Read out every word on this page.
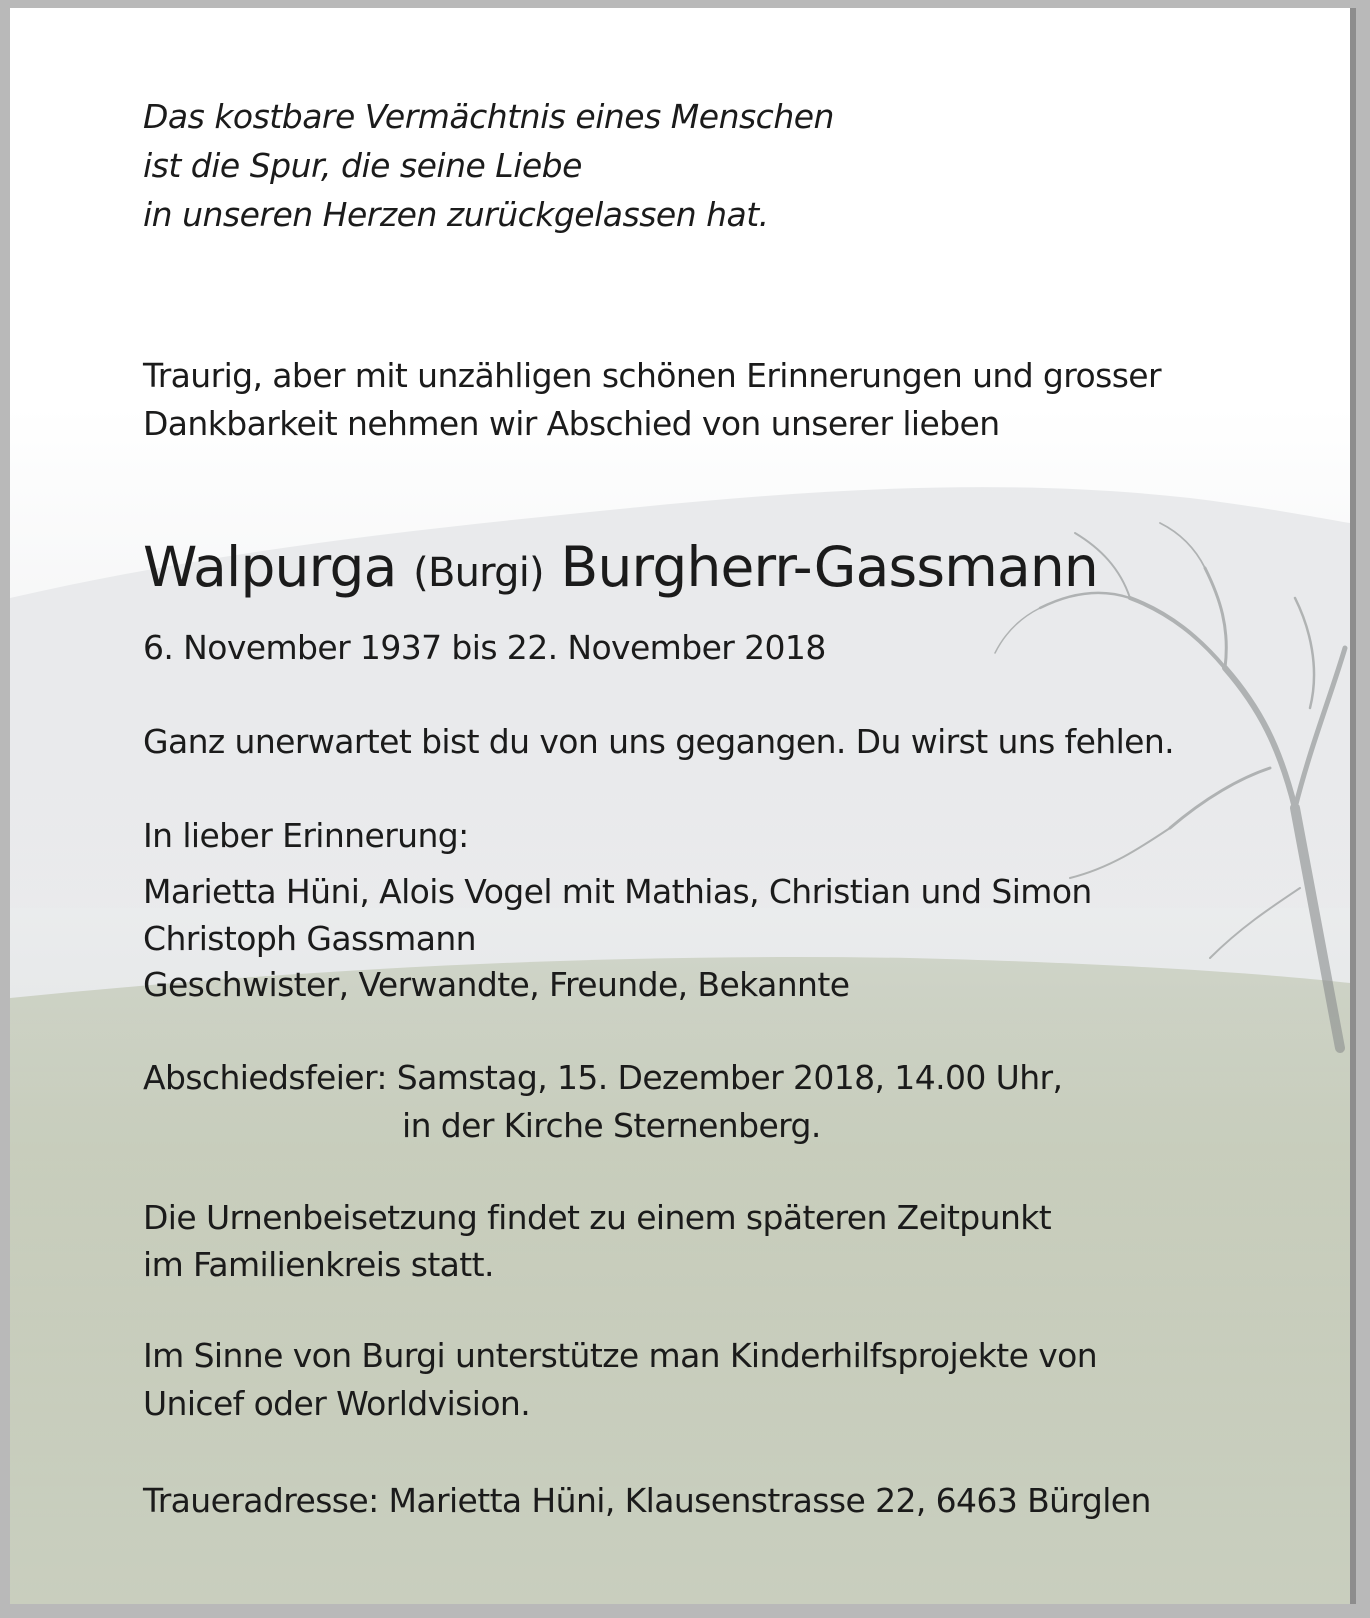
Das kostbare Vermächtnis eines Menschen
ist die Spur, die seine Liebe
in unseren Herzen zurückgelassen hat.
Traurig, aber mit unzähligen schönen Erinnerungen und grosser
Dankbarkeit nehmen wir Abschied von unserer lieben
Walpurga (Burgi) Burgherr-Gassmann
6. November 1937 bis 22. November 2018
Ganz unerwartet bist du von uns gegangen. Du wirst uns fehlen.
In lieber Erinnerung:
Marietta Hüni, Alois Vogel mit Mathias, Christian und Simon
Christoph Gassmann
Geschwister, Verwandte, Freunde, Bekannte
Abschiedsfeier: Samstag, 15. Dezember 2018, 14.00 Uhr,
in der Kirche Sternenberg.
Die Urnenbeisetzung findet zu einem späteren Zeitpunkt
im Familienkreis statt.
Im Sinne von Burgi unterstütze man Kinderhilfsprojekte von
Unicef oder Worldvision.
Traueradresse: Marietta Hüni, Klausenstrasse 22, 6463 Bürglen
